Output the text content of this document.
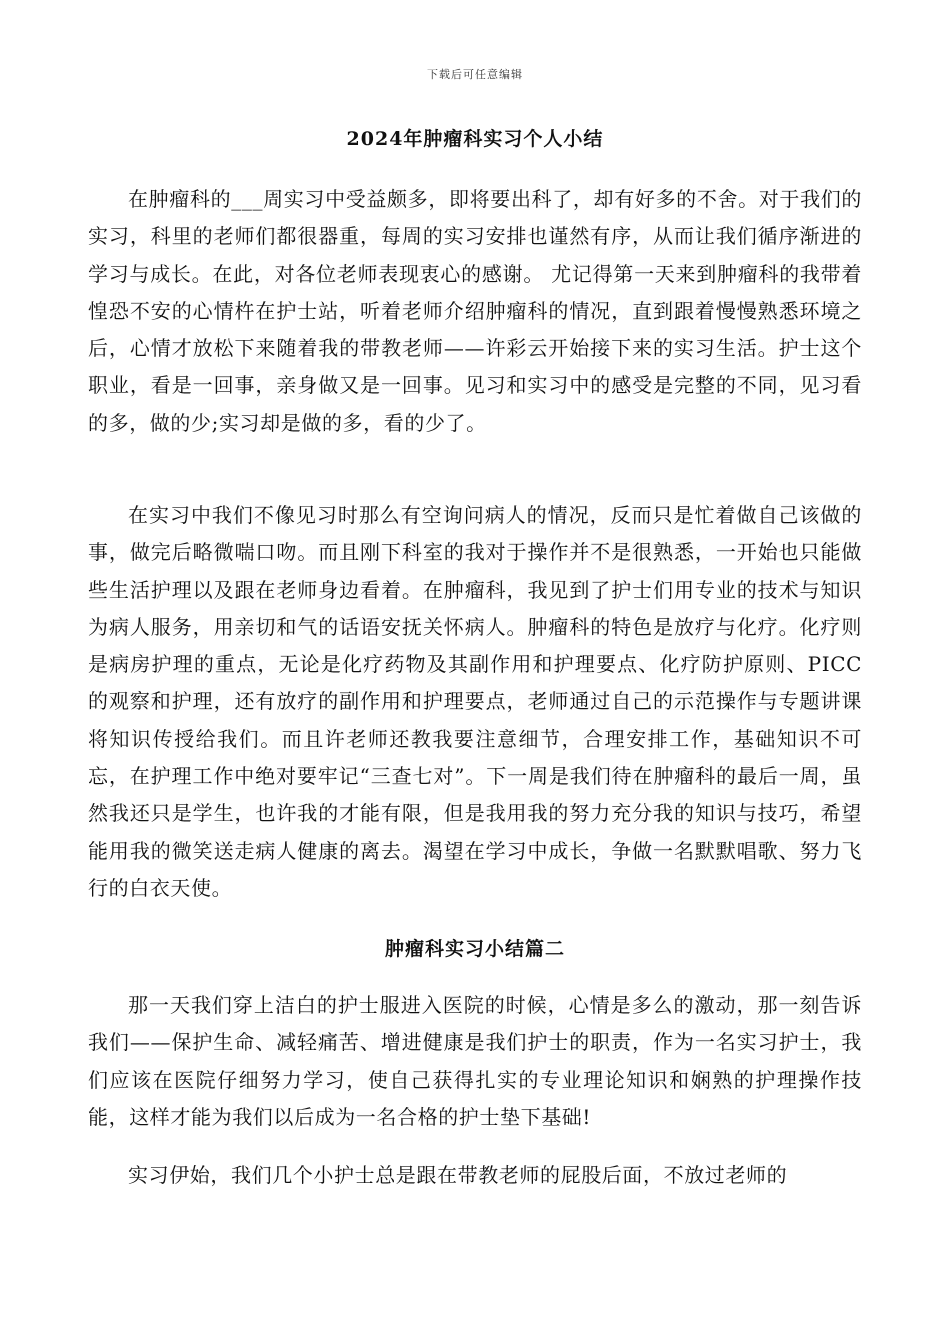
下载后可任意编辑
2024年肿瘤科实习个人小结

在肿瘤科的___周实习中受益颇多，即将要出科了，却有好多的不舍。对于我们的实习，科里的老师们都很器重，每周的实习安排也谨然有序，从而让我们循序渐进的学习与成长。在此，对各位老师表现衷心的感谢。 尤记得第一天来到肿瘤科的我带着惶恐不安的心情杵在护士站，听着老师介绍肿瘤科的情况，直到跟着慢慢熟悉环境之后，心情才放松下来随着我的带教老师——许彩云开始接下来的实习生活。护士这个职业，看是一回事，亲身做又是一回事。见习和实习中的感受是完整的不同，见习看的多，做的少;实习却是做的多，看的少了。

在实习中我们不像见习时那么有空询问病人的情况，反而只是忙着做自己该做的事，做完后略微喘口吻。而且刚下科室的我对于操作并不是很熟悉，一开始也只能做些生活护理以及跟在老师身边看着。在肿瘤科，我见到了护士们用专业的技术与知识为病人服务，用亲切和气的话语安抚关怀病人。肿瘤科的特色是放疗与化疗。化疗则是病房护理的重点，无论是化疗药物及其副作用和护理要点、化疗防护原则、PICC的观察和护理，还有放疗的副作用和护理要点，老师通过自己的示范操作与专题讲课将知识传授给我们。而且许老师还教我要注意细节，合理安排工作，基础知识不可忘，在护理工作中绝对要牢记“三查七对”。下一周是我们待在肿瘤科的最后一周，虽然我还只是学生，也许我的才能有限，但是我用我的努力充分我的知识与技巧，希望能用我的微笑送走病人健康的离去。渴望在学习中成长，争做一名默默唱歌、努力飞行的白衣天使。

肿瘤科实习小结篇二

那一天我们穿上洁白的护士服进入医院的时候，心情是多么的激动，那一刻告诉我们——保护生命、减轻痛苦、增进健康是我们护士的职责，作为一名实习护士，我们应该在医院仔细努力学习，使自己获得扎实的专业理论知识和娴熟的护理操作技能，这样才能为我们以后成为一名合格的护士垫下基础!

实习伊始，我们几个小护士总是跟在带教老师的屁股后面，不放过老师的
